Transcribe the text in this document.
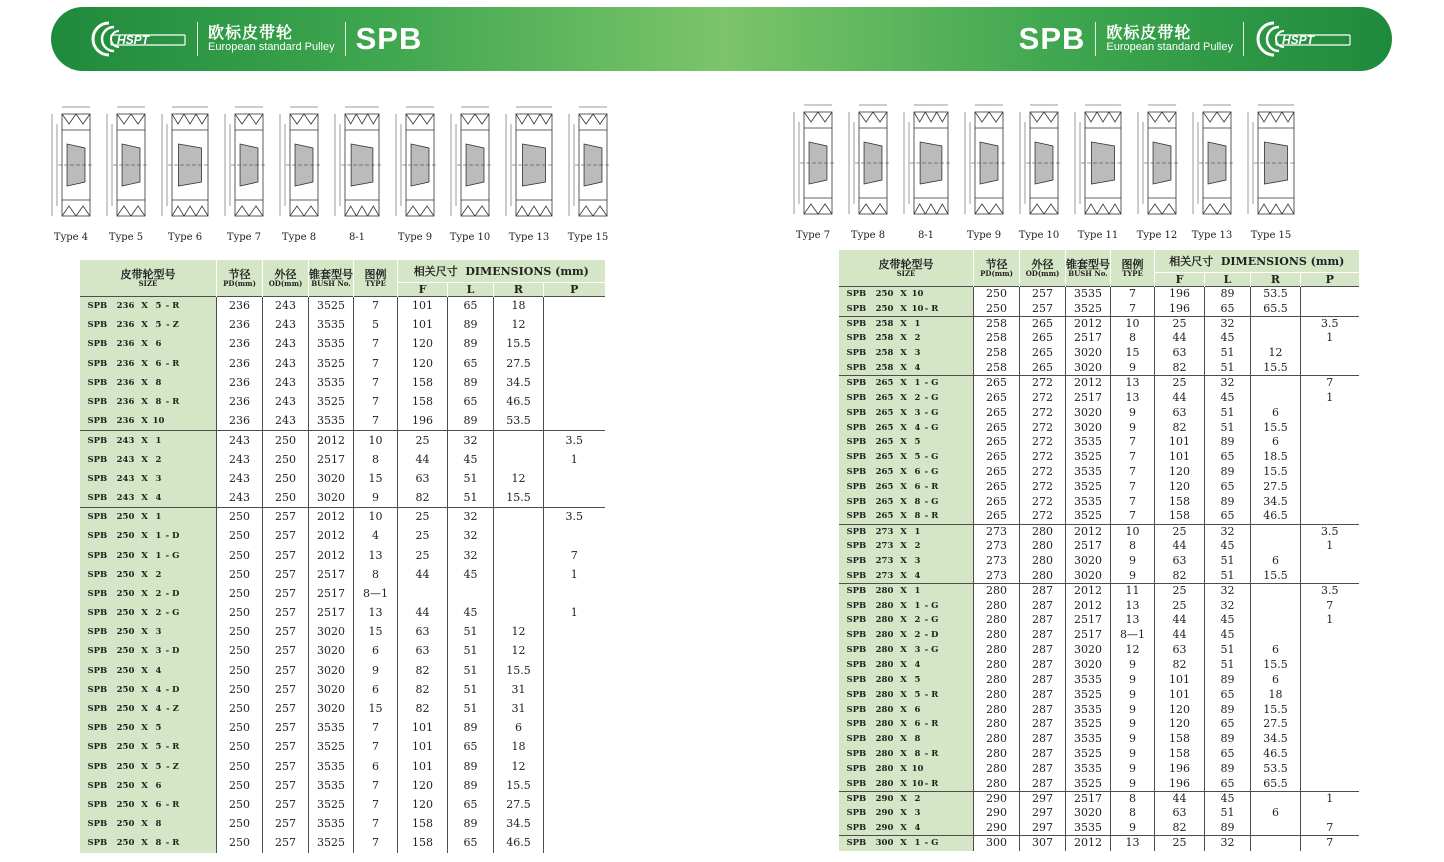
HSPT	欧标皮带轮
European standard Pulley SPB	SPB 欧标皮带轮
European standard Pulley	HSPT
Type 4 Type 5 Type 6 Type 7 Type 8	8-1	Type 9 Type 10 Type 13 Type 15	Type 7 Type 8	8-1	Type 9 Type 10 Type 11 Type 12 Type 13 Type 15
皮带轮型号
SIZE	节径
PD(mm)	外径
OD(mm)	锥套型号
BUSH No.	图例
TYPE	相关尺寸 DIMENSIONS (mm)			
					F	L	R	P
SPB 236 X 5 - R	236	243	3525	7	101	65	18	
SPB 236 X 5 - Z	236	243	3535	5	101	89	12	
SPB 236 X 6	236	243	3535	7	120	89	15.5	
SPB 236 X 6 - R	236	243	3525	7	120	65	27.5	
SPB 236 X 8	236	243	3535	7	158	89	34.5	
SPB 236 X 8 - R	236	243	3525	7	158	65	46.5	
SPB 236 X 10	236	243	3535	7	196	89	53.5	
SPB 243 X 1	243	250	2012	10	25	32		3.5
SPB 243 X 2	243	250	2517	8	44	45		1
SPB 243 X 3	243	250	3020	15	63	51	12	
SPB 243 X 4	243	250	3020	9	82	51	15.5	
SPB 250 X 1	250	257	2012	10	25	32		3.5
SPB 250 X 1 - D	250	257	2012	4	25	32		
SPB 250 X 1 - G	250	257	2012	13	25	32		7
SPB 250 X 2	250	257	2517	8	44	45		1
SPB 250 X 2 - D	250	257	2517	8—1				
SPB 250 X 2 - G	250	257	2517	13	44	45		1
SPB 250 X 3	250	257	3020	15	63	51	12	
SPB 250 X 3 - D	250	257	3020	6	63	51	12	
SPB 250 X 4	250	257	3020	9	82	51	15.5	
SPB 250 X 4 - D	250	257	3020	6	82	51	31	
SPB 250 X 4 - Z	250	257	3020	15	82	51	31	
SPB 250 X 5	250	257	3535	7	101	89	6	
SPB 250 X 5 - R	250	257	3525	7	101	65	18	
SPB 250 X 5 - Z	250	257	3535	6	101	89	12	
SPB 250 X 6	250	257	3535	7	120	89	15.5	
SPB 250 X 6 - R	250	257	3525	7	120	65	27.5	
SPB 250 X 8	250	257	3535	7	158	89	34.5	
SPB 250 X 8 - R	250	257	3525	7	158	65	46.5	
皮带轮型号
SIZE	节径
PD(mm)	外径
OD(mm)	锥套型号
BUSH No.	图例
TYPE	相关尺寸 DIMENSIONS (mm)			
					F	L	R	P
SPB 250 X 10	250	257	3535	7	196	89	53.5	
SPB 250 X 10- R	250	257	3525	7	196	65	65.5	
SPB 258 X 1	258	265	2012	10	25	32		3.5
SPB 258 X 2	258	265	2517	8	44	45		1
SPB 258 X 3	258	265	3020	15	63	51	12	
SPB 258 X 4	258	265	3020	9	82	51	15.5	
SPB 265 X 1 - G	265	272	2012	13	25	32		7
SPB 265 X 2 - G	265	272	2517	13	44	45		1
SPB 265 X 3 - G	265	272	3020	9	63	51	6	
SPB 265 X 4 - G	265	272	3020	9	82	51	15.5	
SPB 265 X 5	265	272	3535	7	101	89	6	
SPB 265 X 5 - G	265	272	3525	7	101	65	18.5	
SPB 265 X 6 - G	265	272	3535	7	120	89	15.5	
SPB 265 X 6 - R	265	272	3525	7	120	65	27.5	
SPB 265 X 8 - G	265	272	3535	7	158	89	34.5	
SPB 265 X 8 - R	265	272	3525	7	158	65	46.5	
SPB 273 X 1	273	280	2012	10	25	32		3.5
SPB 273 X 2	273	280	2517	8	44	45		1
SPB 273 X 3	273	280	3020	9	63	51	6	
SPB 273 X 4	273	280	3020	9	82	51	15.5	
SPB 280 X 1	280	287	2012	11	25	32		3.5
SPB 280 X 1 - G	280	287	2012	13	25	32		7
SPB 280 X 2 - G	280	287	2517	13	44	45		1
SPB 280 X 2 - D	280	287	2517	8—1	44	45		
SPB 280 X 3 - G	280	287	3020	12	63	51	6	
SPB 280 X 4	280	287	3020	9	82	51	15.5	
SPB 280 X 5	280	287	3535	9	101	89	6	
SPB 280 X 5 - R	280	287	3525	9	101	65	18	
SPB 280 X 6	280	287	3535	9	120	89	15.5	
SPB 280 X 6 - R	280	287	3525	9	120	65	27.5	
SPB 280 X 8	280	287	3535	9	158	89	34.5	
SPB 280 X 8 - R	280	287	3525	9	158	65	46.5	
SPB 280 X 10	280	287	3535	9	196	89	53.5	
SPB 280 X 10- R	280	287	3525	9	196	65	65.5	
SPB 290 X 2	290	297	2517	8	44	45		1
SPB 290 X 3	290	297	3020	8	63	51	6	
SPB 290 X 4	290	297	3535	9	82	89		7
SPB 300 X 1 - G	300	307	2012	13	25	32		7
